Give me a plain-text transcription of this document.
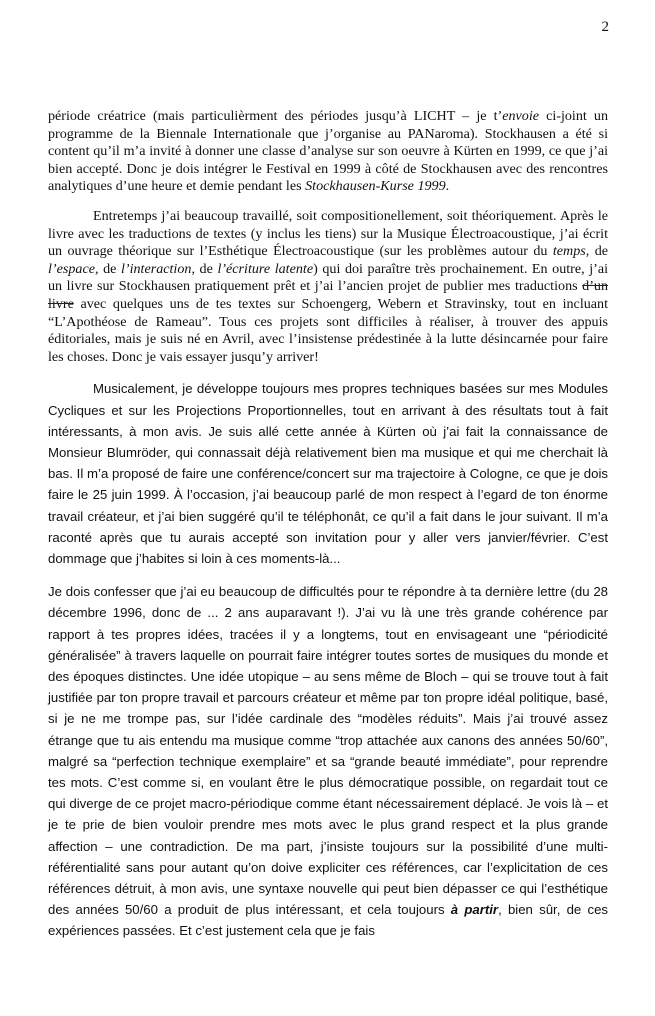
2

période créatrice (mais particulièrment des périodes jusqu’à LICHT – je t’envoie ci-joint un programme de la Biennale Internationale que j’organise au PANaroma). Stockhausen a été si content qu’il m’a invité à donner une classe d’analyse sur son oeuvre à Kürten en 1999, ce que j’ai bien accepté. Donc je dois intégrer le Festival en 1999 à côté de Stockhausen avec des rencontres analytiques d’une heure et demie pendant les Stockhausen-Kurse 1999.

Entretemps j’ai beaucoup travaillé, soit compositionellement, soit théoriquement. Après le livre avec les traductions de textes (y inclus les tiens) sur la Musique Électroacoustique, j’ai écrit un ouvrage théorique sur l’Esthétique Électroacoustique (sur les problèmes autour du temps, de l’espace, de l’interaction, de l’écriture latente) qui doi paraître très prochainement. En outre, j’ai un livre sur Stockhausen pratiquement prêt et j’ai l’ancien projet de publier mes traductions d’un livre avec quelques uns de tes textes sur Schoengerg, Webern et Stravinsky, tout en incluant “L’Apothéose de Rameau”. Tous ces projets sont difficiles à réaliser, à trouver des appuis éditoriales, mais je suis né en Avril, avec l’insistense prédestinée à la lutte désincarnée pour faire les choses. Donc je vais essayer jusqu’y arriver!

Musicalement, je développe toujours mes propres techniques basées sur mes Modules Cycliques et sur les Projections Proportionnelles, tout en arrivant à des résultats tout à fait intéressants, à mon avis. Je suis allé cette année à Kürten où j’ai fait la connaissance de Monsieur Blumröder, qui connassait déjà relativement bien ma musique et qui me cherchait là bas. Il m’a proposé de faire une conférence/concert sur ma trajectoire à Cologne, ce que je dois faire le 25 juin 1999. À l’occasion, j’ai beaucoup parlé de mon respect à l’egard de ton énorme travail créateur, et j’ai bien suggéré qu’il te téléphonât, ce qu’il a fait dans le jour suivant. Il m’a raconté après que tu aurais accepté son invitation pour y aller vers janvier/février. C’est dommage que j’habites si loin à ces moments-là...

Je dois confesser que j’ai eu beaucoup de difficultés pour te répondre à ta dernière lettre (du 28 décembre 1996, donc de ... 2 ans auparavant !). J’ai vu là une très grande cohérence par rapport à tes propres idées, tracées il y a longtems, tout en envisageant une “périodicité généralisée” à travers laquelle on pourrait faire intégrer toutes sortes de musiques du monde et des époques distinctes. Une idée utopique – au sens même de Bloch – qui se trouve tout à fait justifiée par ton propre travail et parcours créateur et même par ton propre idéal politique, basé, si je ne me trompe pas, sur l’idée cardinale des “modèles réduits”. Mais j’ai trouvé assez étrange que tu ais entendu ma musique comme “trop attachée aux canons des années 50/60”, malgré sa “perfection technique exemplaire” et sa “grande beauté immédiate”, pour reprendre tes mots. C’est comme si, en voulant être le plus démocratique possible, on regardait tout ce qui diverge de ce projet macro-périodique comme étant nécessairement déplacé. Je vois là – et je te prie de bien vouloir prendre mes mots avec le plus grand respect et la plus grande affection – une contradiction. De ma part, j’insiste toujours sur la possibilité d’une multi-référentialité sans pour autant qu’on doive expliciter ces références, car l’explicitation de ces références détruit, à mon avis, une syntaxe nouvelle qui peut bien dépasser ce qui l’esthétique des années 50/60 a produit de plus intéressant, et cela toujours à partir, bien sûr, de ces expériences passées. Et c’est justement cela que je fais
